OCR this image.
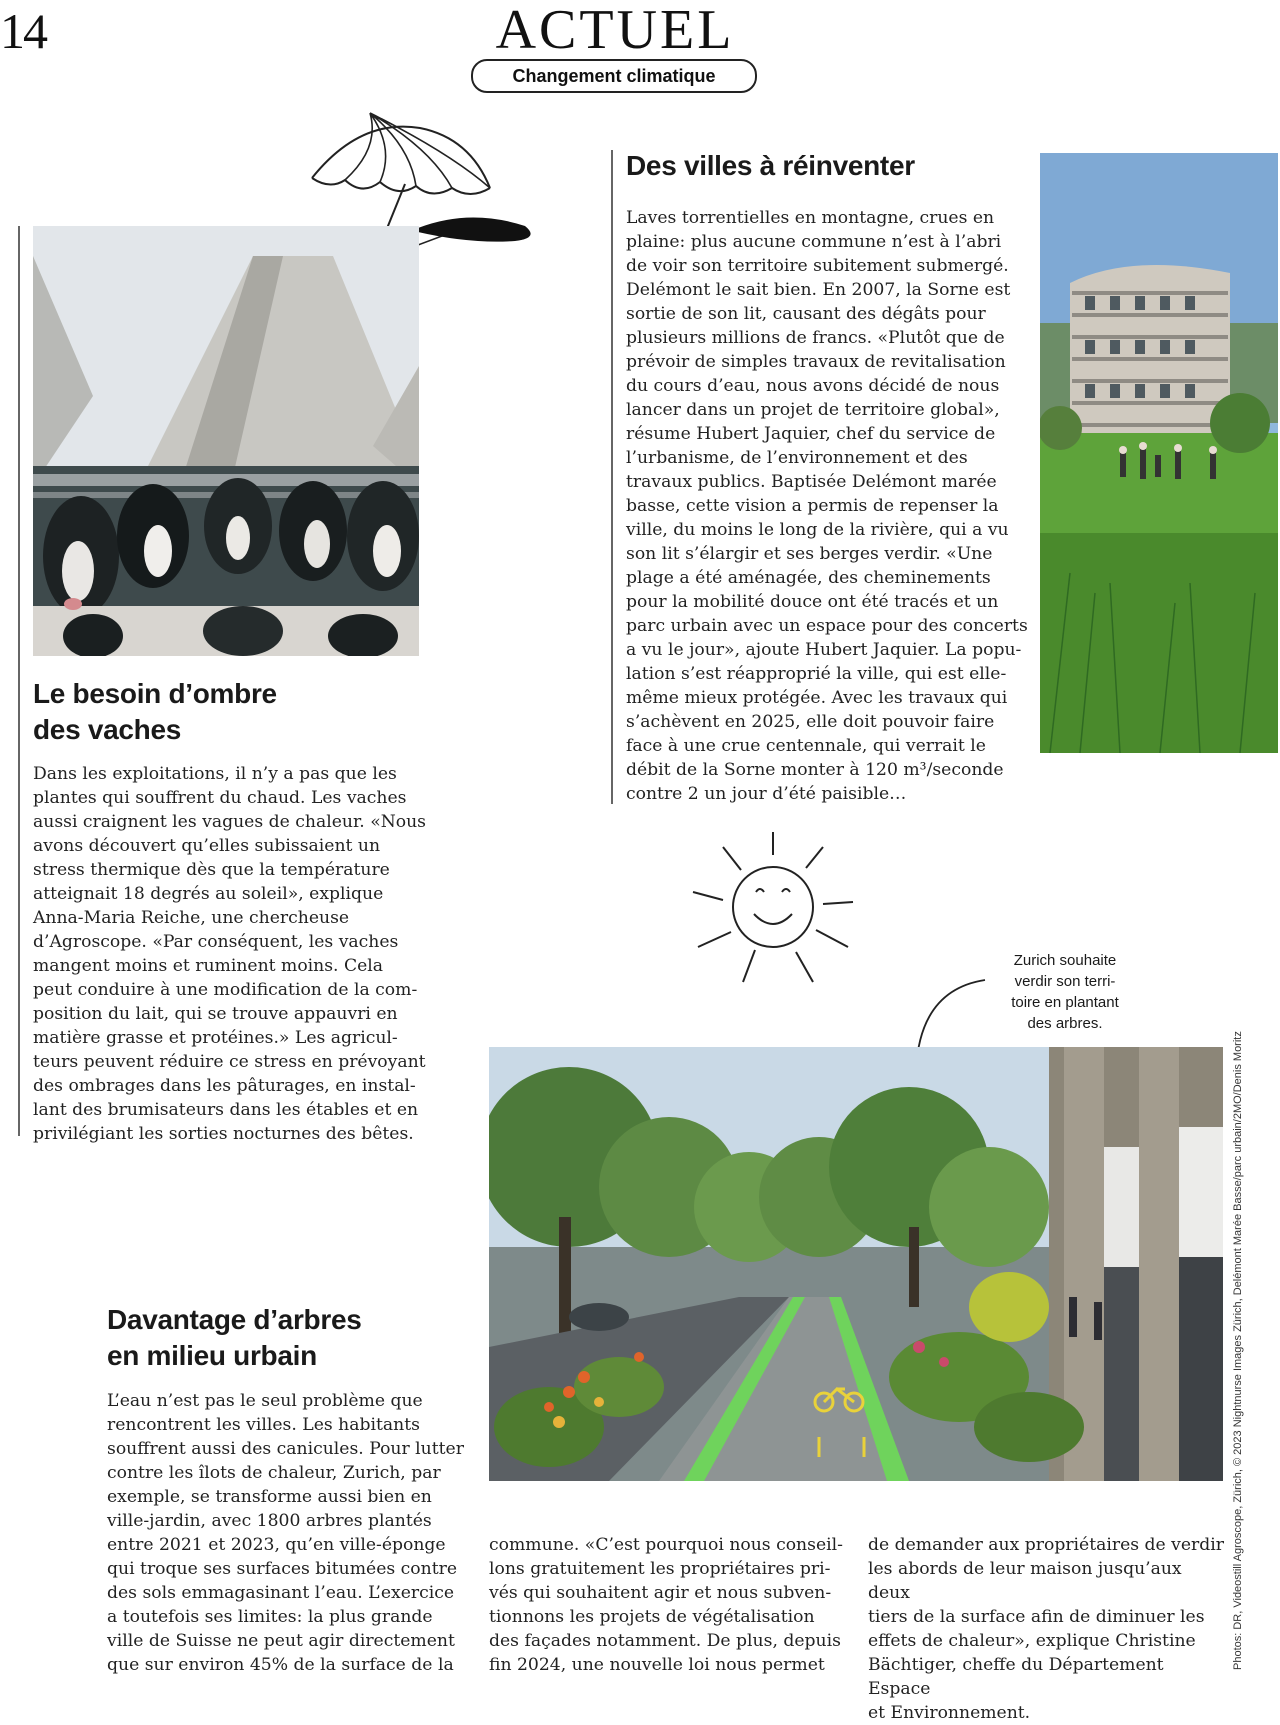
14	ACTUEL
Changement climatique
Le besoin d’ombre
des vaches

Dans les exploitations, il n’y a pas que les
plantes qui souffrent du chaud. Les vaches
aussi craignent les vagues de chaleur. «Nous
avons découvert qu’elles subissaient un
stress thermique dès que la température
atteignait 18 degrés au soleil», explique
Anna-Maria Reiche, une chercheuse
d’Agroscope. «Par conséquent, les vaches
mangent moins et ruminent moins. Cela
peut conduire à une modification de la com-
position du lait, qui se trouve appauvri en
matière grasse et protéines.» Les agricul-
teurs peuvent réduire ce stress en prévoyant
des ombrages dans les pâturages, en instal-
lant des brumisateurs dans les étables et en
privilégiant les sorties nocturnes des bêtes.

Des villes à réinventer

Laves torrentielles en montagne, crues en
plaine: plus aucune commune n’est à l’abri
de voir son territoire subitement submergé.
Delémont le sait bien. En 2007, la Sorne est
sortie de son lit, causant des dégâts pour
plusieurs millions de francs. «Plutôt que de
prévoir de simples travaux de revitalisation
du cours d’eau, nous avons décidé de nous
lancer dans un projet de territoire global»,
résume Hubert Jaquier, chef du service de
l’urbanisme, de l’environnement et des
travaux publics. Baptisée Delémont marée
basse, cette vision a permis de repenser la
ville, du moins le long de la rivière, qui a vu
son lit s’élargir et ses berges verdir. «Une
plage a été aménagée, des cheminements
pour la mobilité douce ont été tracés et un
parc urbain avec un espace pour des concerts
a vu le jour», ajoute Hubert Jaquier. La popu-
lation s’est réapproprié la ville, qui est elle-
même mieux protégée. Avec les travaux qui
s’achèvent en 2025, elle doit pouvoir faire
face à une crue centennale, qui verrait le
débit de la Sorne monter à 120 m³/seconde
contre 2 un jour d’été paisible…

Zurich souhaite
verdir son terri-
toire en plantant
des arbres.
Davantage d’arbres
en milieu urbain

L’eau n’est pas le seul problème que
rencontrent les villes. Les habitants
souffrent aussi des canicules. Pour lutter
contre les îlots de chaleur, Zurich, par
exemple, se transforme aussi bien en
ville-jardin, avec 1800 arbres plantés
entre 2021 et 2023, qu’en ville-éponge
qui troque ses surfaces bitumées contre
des sols emmagasinant l’eau. L’exercice
a toutefois ses limites: la plus grande
ville de Suisse ne peut agir directement
que sur environ 45% de la surface de la

commune. «C’est pourquoi nous conseil-
lons gratuitement les propriétaires pri-
vés qui souhaitent agir et nous subven-
tionnons les projets de végétalisation
des façades notamment. De plus, depuis
fin 2024, une nouvelle loi nous permet

de demander aux propriétaires de verdir
les abords de leur maison jusqu’aux deux
tiers de la surface afin de diminuer les
effets de chaleur», explique Christine
Bächtiger, cheffe du Département Espace
et Environnement.

Photos: DR, Videostill Agroscope, Zürich, © 2023 Nightnurse Images Zürich, Delémont Marée Basse/parc urbain/2MO/Denis Moritz
